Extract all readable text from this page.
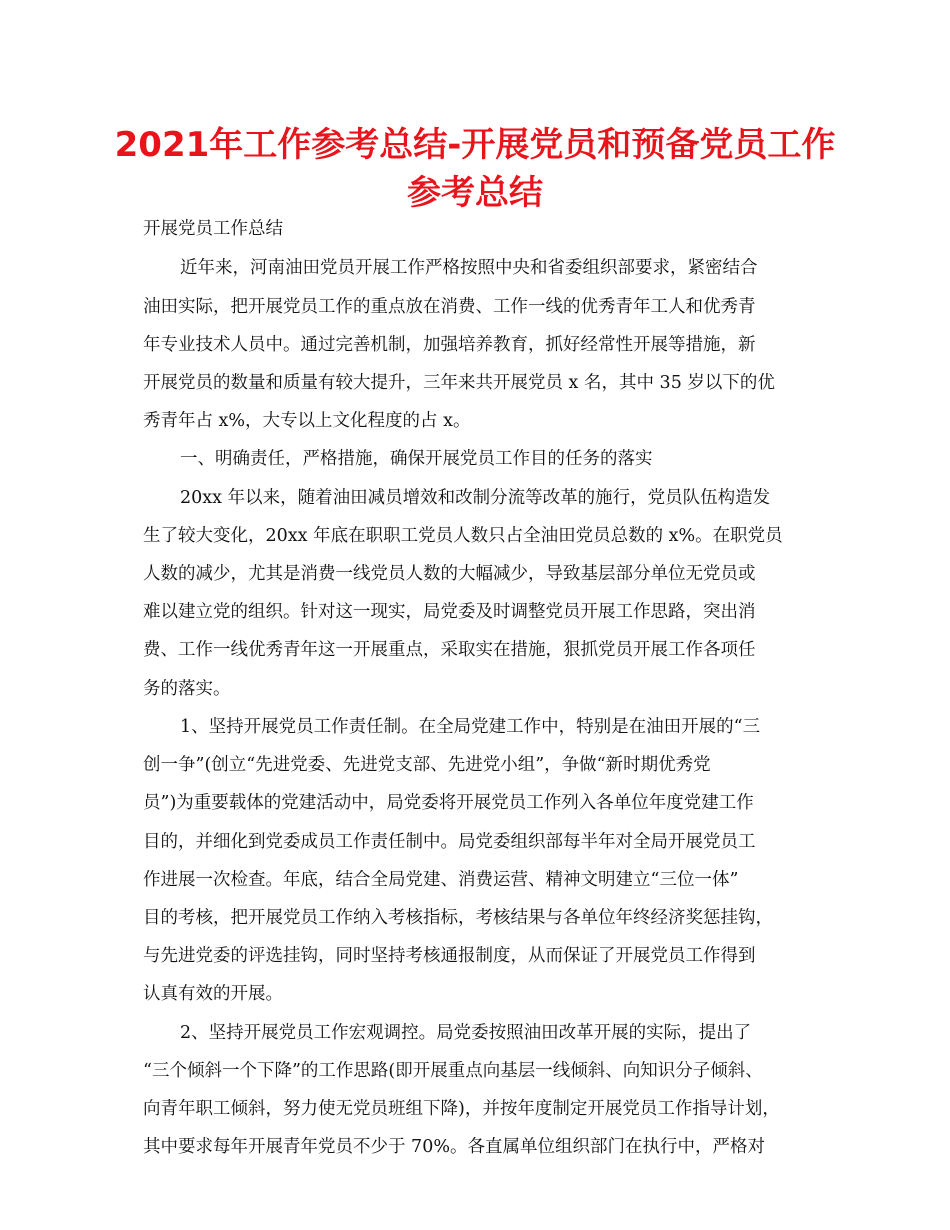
2021年工作参考总结-开展党员和预备党员工作
参考总结

开展党员工作总结

近年来，河南油田党员开展工作严格按照中央和省委组织部要求，紧密结合

油田实际，把开展党员工作的重点放在消费、工作一线的优秀青年工人和优秀青

年专业技术人员中。通过完善机制，加强培养教育，抓好经常性开展等措施，新

开展党员的数量和质量有较大提升，三年来共开展党员 x 名，其中 35 岁以下的优

秀青年占 x%，大专以上文化程度的占 x。

一、明确责任，严格措施，确保开展党员工作目的任务的落实

20xx 年以来，随着油田减员增效和改制分流等改革的施行，党员队伍构造发

生了较大变化，20xx 年底在职职工党员人数只占全油田党员总数的 x%。在职党员

人数的减少，尤其是消费一线党员人数的大幅减少，导致基层部分单位无党员或

难以建立党的组织。针对这一现实，局党委及时调整党员开展工作思路，突出消

费、工作一线优秀青年这一开展重点，采取实在措施，狠抓党员开展工作各项任

务的落实。

1、坚持开展党员工作责任制。在全局党建工作中，特别是在油田开展的“三

创一争”(创立“先进党委、先进党支部、先进党小组”，争做“新时期优秀党

员”)为重要载体的党建活动中，局党委将开展党员工作列入各单位年度党建工作

目的，并细化到党委成员工作责任制中。局党委组织部每半年对全局开展党员工

作进展一次检查。年底，结合全局党建、消费运营、精神文明建立“三位一体”

目的考核，把开展党员工作纳入考核指标，考核结果与各单位年终经济奖惩挂钩，

与先进党委的评选挂钩，同时坚持考核通报制度，从而保证了开展党员工作得到

认真有效的开展。

2、坚持开展党员工作宏观调控。局党委按照油田改革开展的实际，提出了

“三个倾斜一个下降”的工作思路(即开展重点向基层一线倾斜、向知识分子倾斜、

向青年职工倾斜，努力使无党员班组下降)，并按年度制定开展党员工作指导计划，

其中要求每年开展青年党员不少于 70%。各直属单位组织部门在执行中，严格对
